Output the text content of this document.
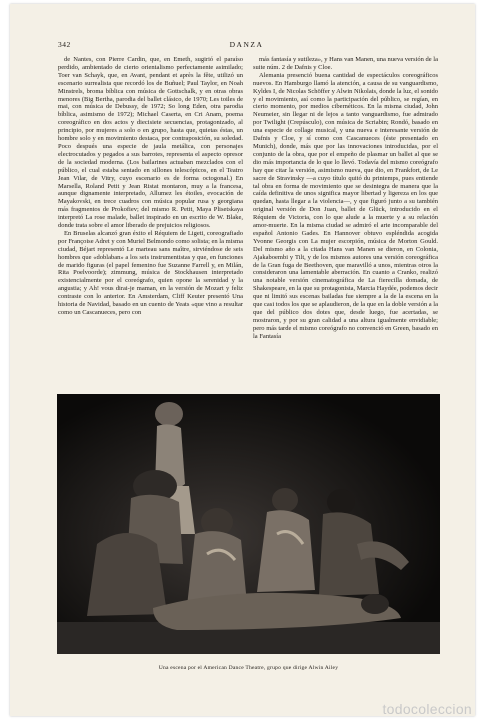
342	DANZA

de Nantes, con Pierre Cardin, que, en Emeth, sugirió el paraíso perdido, ambientado de cierto orientalismo perfectamente asimilado; Toer van Schayk, que, en Avant, pendant et après la fête, utilizó un escenario surrealista que recordó los de Buñuel; Paul Taylor, en Noah Minstrels, broma bíblica con música de Gottschalk, y en otras obras menores (Big Bertha, parodia del ballet clásico, de 1970; Les toiles de mai, con música de Debussy, de 1972; So long Eden, otra parodia bíblica, asimismo de 1972); Michael Caserta, en Cri Anam, poema coreográfico en dos actos y diecisiete secuencias, protagonizado, al principio, por mujeres a solo o en grupo, hasta que, quietas éstas, un hombre solo y en movimiento destaca, por contraposición, su soledad. Poco después una especie de jaula metálica, con personajes electrocutados y pegados a sus barrotes, representa el aspecto opresor de la sociedad moderna. (Los bailarines actuaban mezclados con el público, el cual estaba sentado en sillones telescópicos, en el Teatro Jean Vilar, de Vitry, cuyo escenario es de forma octogonal.) En Marsella, Roland Petit y Jean Ristat montaron, muy a la francesa, aunque dignamente interpretado, Allumez les étoiles, evocación de Mayakovski, en trece cuadros con música popular rusa y georgiana más fragmentos de Prokofiev; del mismo R. Petit, Maya Plisetskaya interpretó La rose malade, ballet inspirado en un escrito de W. Blake, donde trata sobre el amor liberado de prejuicios religiosos.

En Bruselas alcanzó gran éxito el Réquiem de Ligeti, coreografiado por Françoise Adret y con Muriel Belmondo como solista; en la misma ciudad, Béjart representó Le marteau sans maître, sirviéndose de seis hombres que «doblaban» a los seis instrumentistas y que, en funciones de marido figuras (el papel femenino fue Suzanne Farrell y, en Milán, Rita Poelvoorde); zimmung, música de Stockhausen interpretado existencialmente por el coreógrafo, quien opone la serenidad y la angustia; y Ah! vous dirai-je maman, en la versión de Mozart y feliz contraste con lo anterior. En Amsterdam, Cliff Keuter presentó Una historia de Navidad, basado en un cuento de Yeats «que vino a resultar como un Cascanueces, pero con

más fantasía y sutileza», y Hans van Manen, una nueva versión de la suite núm. 2 de Dafnis y Cloe.

Alemania presenció buena cantidad de espectáculos coreográficos nuevos. En Hamburgo llamó la atención, a causa de su vanguardismo, Kyldes I, de Nicolas Schöffer y Alwin Nikolais, donde la luz, el sonido y el movimiento, así como la participación del público, se regían, en cierto momento, por medios cibernéticos. En la misma ciudad, John Neumeier, sin llegar ni de lejos a tanto vanguardismo, fue admirado por Twilight (Crepúsculo), con música de Scriabin; Rondó, basado en una especie de collage musical, y una nueva e interesante versión de Dafnis y Cloe, y sí como con Cascanueces (éste presentado en Munich), donde, más que por las innovaciones introducidas, por el conjunto de la obra, que por el empeño de plasmar un ballet al que se dio más importancia de lo que lo llevó. Todavía del mismo coreógrafo hay que citar la versión, asimismo nueva, que dio, en Frankfort, de Le sacre de Stravinsky —a cuyo título quitó du printemps, pues entiende tal obra en forma de movimiento que se desintegra de manera que la caída definitiva de unos significa mayor libertad y ligereza en los que quedan, hasta llegar a la violencia—, y que figuró junto a su también original versión de Don Juan, ballet de Glück, introducido en el Réquiem de Victoria, con lo que alude a la muerte y a su relación amor-muerte. En la misma ciudad se admiró el arte incomparable del español Antonio Gades. En Hannover obtuvo espléndida acogida Yvonne Georgis con La mujer escorpión, música de Morton Gould. Del mismo año a la citada Hans van Manen se dieron, en Colonia, Ajakaboembi y Tilt, y de los mismos autores una versión coreográfica de la Gran fuga de Beethoven, que maravilló a unos, mientras otros la consideraron una lamentable aberración. En cuanto a Cranko, realizó una notable versión cinematográfica de La fierecilla domada, de Shakespeare, en la que su protagonista, Marcia Haydée, podemos decir que ni limitó sus escenas bailadas fue siempre a la de la escena en la que casi todos los que se aplaudieron, de la que en la doble versión a la que del público dos dotes que, desde luego, fue acertadas, se mostraron, y por su gran calidad a una altura igualmente envidiable; pero más tarde el mismo coreógrafo no convenció en Green, basado en la Fantasía

Una escena por el American Dance Theatre, grupo que dirige Alwin Ailey
todocoleccion
